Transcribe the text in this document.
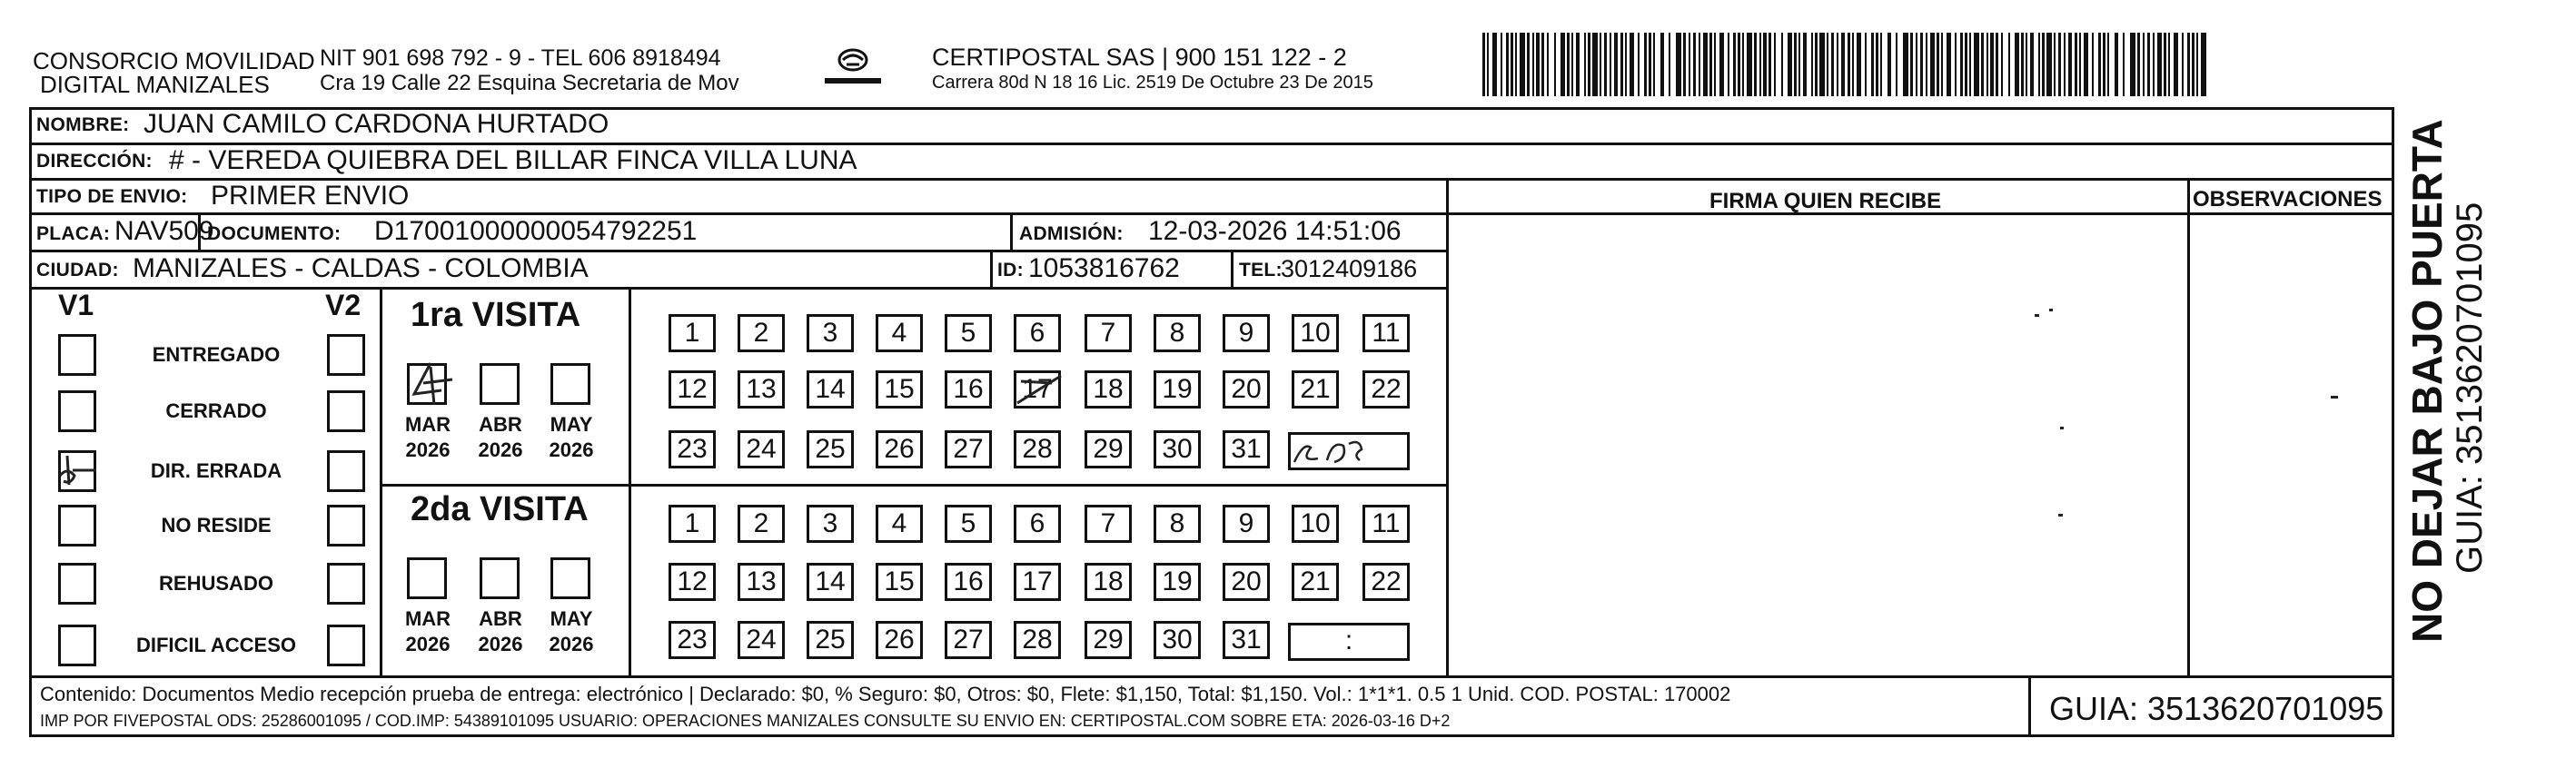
CONSORCIO MOVILIDAD
DIGITAL MANIZALES
NIT 901 698 792 - 9 - TEL 606 8918494
Cra 19 Calle 22 Esquina Secretaria de Mov
CERTIPOSTAL SAS | 900 151 122 - 2
Carrera 80d N 18 16 Lic. 2519 De Octubre 23 De 2015
NOMBRE: JUAN CAMILO CARDONA HURTADO
DIRECCIÓN: # - VEREDA QUIEBRA DEL BILLAR FINCA VILLA LUNA
TIPO DE ENVIO: PRIMER ENVIO	FIRMA QUIEN RECIBE	OBSERVACIONES
PLACA: NAV509
DOCUMENTO: D17001000000054792251	ADMISIÓN: 12-03-2026 14:51:06
CIUDAD: MANIZALES - CALDAS - COLOMBIA	ID: 1053816762	TEL:
3012409186
V1	V2
ENTREGADO
CERRADO
DIR. ERRADA
NO RESIDE
REHUSADO
DIFICIL ACCESO
1ra VISITA
2da VISITA
MAR
2026
ABR
2026
MAY
2026
MAR
2026
ABR
2026
MAY
2026
1	2	3	4	5	6	7	8	9	10	11
12	13	14	15	16	17	18	19	20	21	22
23	24	25	26	27	28	29	30	31
1	2	3	4	5	6	7	8	9	10	11
12	13	14	15	16	17	18	19	20	21	22
23	24	25	26	27	28	29	30	31	:
Contenido: Documentos Medio recepción prueba de entrega: electrónico | Declarado: $0, % Seguro: $0, Otros: $0, Flete: $1,150, Total: $1,150. Vol.: 1*1*1. 0.5 1 Unid. COD. POSTAL: 170002
IMP POR FIVEPOSTAL ODS: 25286001095 / COD.IMP: 54389101095 USUARIO: OPERACIONES MANIZALES CONSULTE SU ENVIO EN: CERTIPOSTAL.COM SOBRE ETA: 2026-03-16 D+2	GUIA: 3513620701095
NO DEJAR BAJO PUERTA GUIA: 3513620701095
